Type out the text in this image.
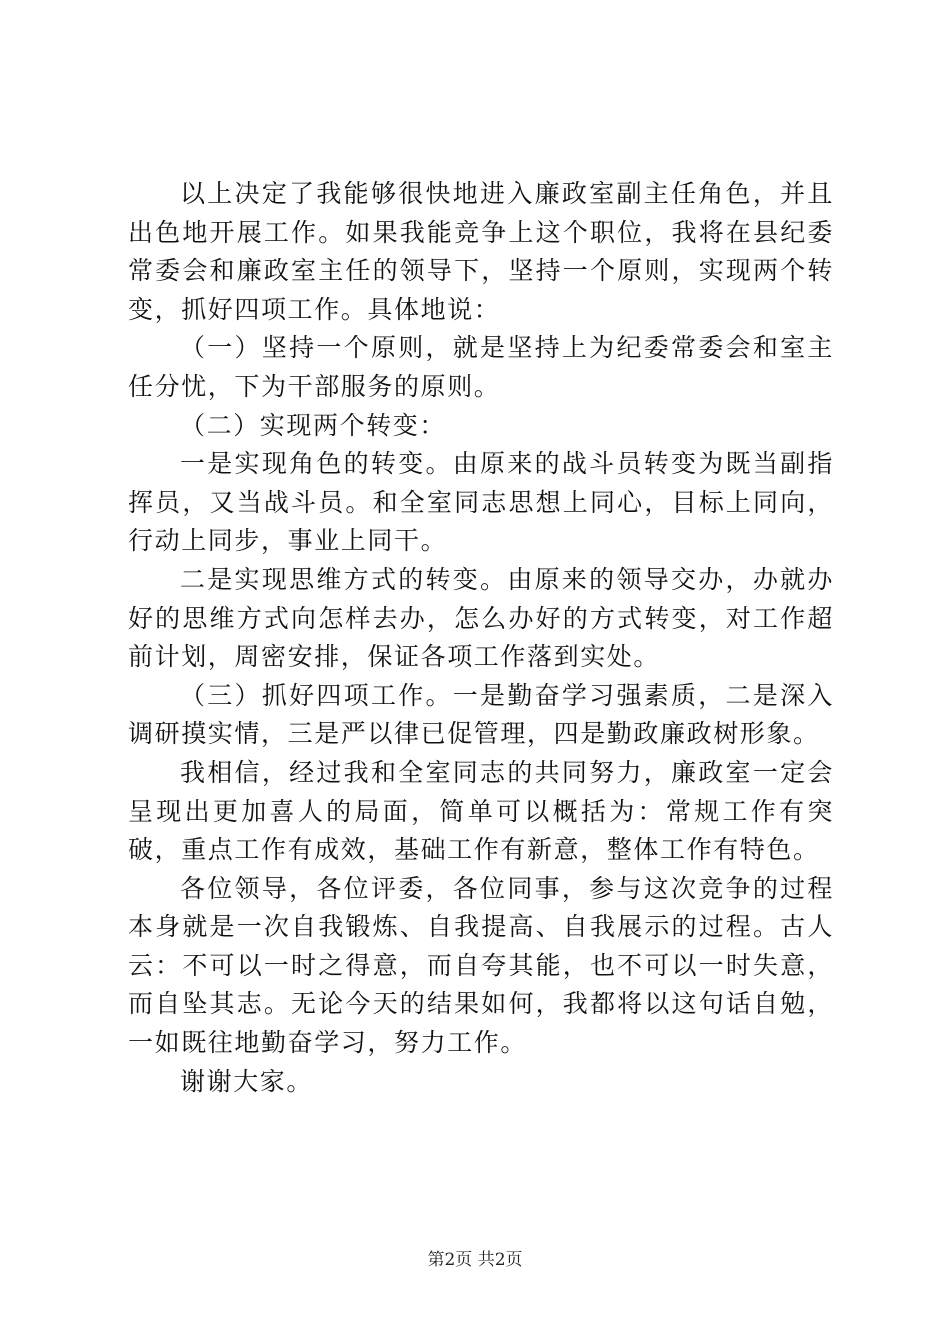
以上决定了我能够很快地进入廉政室副主任角色，并且出色地开展工作。如果我能竞争上这个职位，我将在县纪委常委会和廉政室主任的领导下，坚持一个原则，实现两个转变，抓好四项工作。具体地说：

（一）坚持一个原则，就是坚持上为纪委常委会和室主任分忧，下为干部服务的原则。

（二）实现两个转变：

一是实现角色的转变。由原来的战斗员转变为既当副指挥员，又当战斗员。和全室同志思想上同心，目标上同向，行动上同步，事业上同干。

二是实现思维方式的转变。由原来的领导交办，办就办好的思维方式向怎样去办，怎么办好的方式转变，对工作超前计划，周密安排，保证各项工作落到实处。

（三）抓好四项工作。一是勤奋学习强素质，二是深入调研摸实情，三是严以律已促管理，四是勤政廉政树形象。

我相信，经过我和全室同志的共同努力，廉政室一定会呈现出更加喜人的局面，简单可以概括为：常规工作有突破，重点工作有成效，基础工作有新意，整体工作有特色。

各位领导，各位评委，各位同事，参与这次竞争的过程本身就是一次自我锻炼、自我提高、自我展示的过程。古人云：不可以一时之得意，而自夸其能，也不可以一时失意，而自坠其志。无论今天的结果如何，我都将以这句话自勉，一如既往地勤奋学习，努力工作。

谢谢大家。

第2页 共2页
